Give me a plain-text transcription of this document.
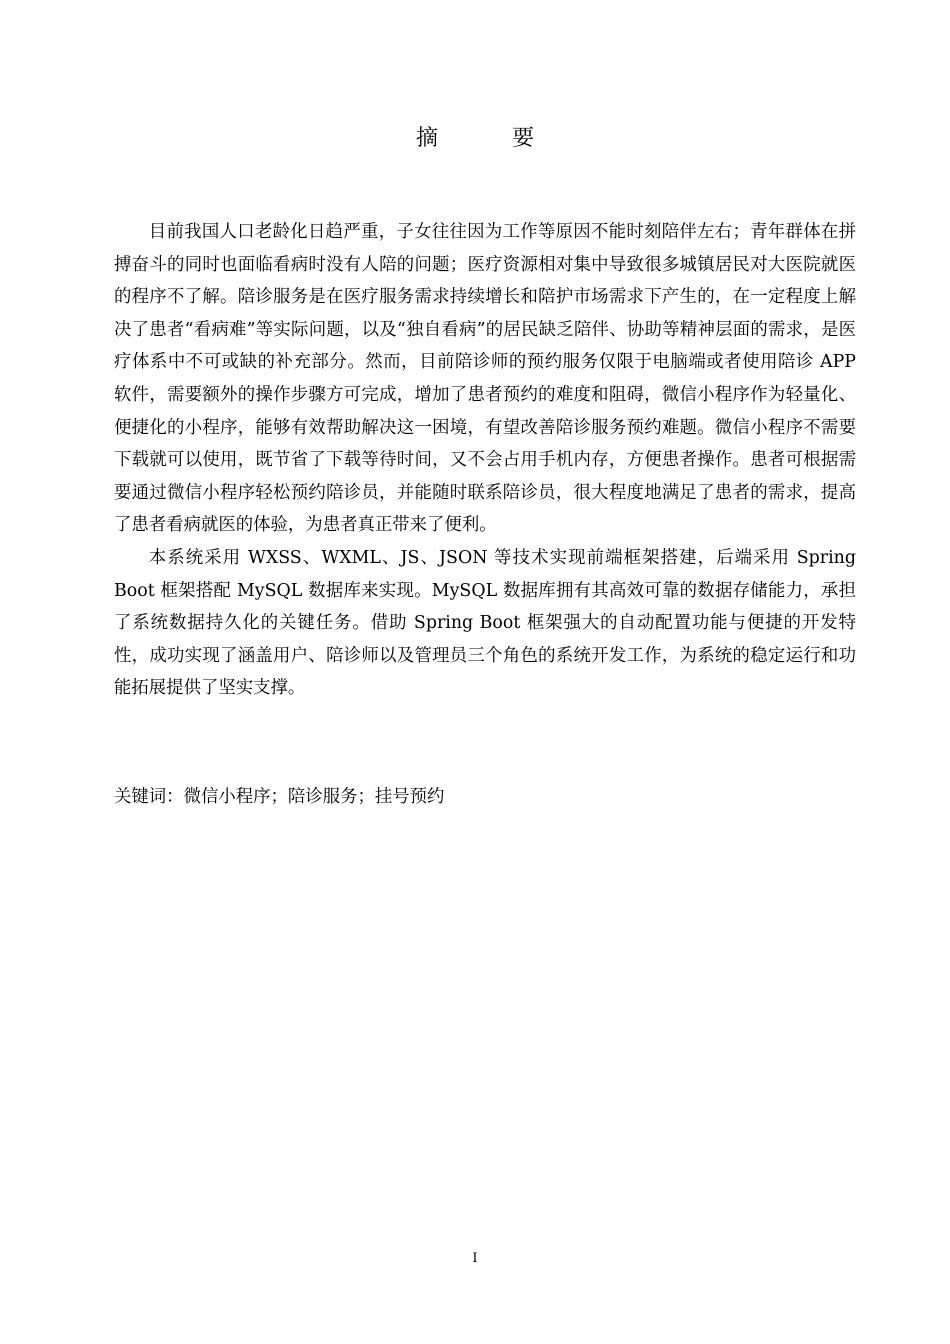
摘　要

目前我国人口老龄化日趋严重，子女往往因为工作等原因不能时刻陪伴左右；青年群体在拼搏奋斗的同时也面临看病时没有人陪的问题；医疗资源相对集中导致很多城镇居民对大医院就医的程序不了解。陪诊服务是在医疗服务需求持续增长和陪护市场需求下产生的，在一定程度上解决了患者“看病难”等实际问题，以及“独自看病”的居民缺乏陪伴、协助等精神层面的需求，是医疗体系中不可或缺的补充部分。然而，目前陪诊师的预约服务仅限于电脑端或者使用陪诊 APP 软件，需要额外的操作步骤方可完成，增加了患者预约的难度和阻碍，微信小程序作为轻量化、便捷化的小程序，能够有效帮助解决这一困境，有望改善陪诊服务预约难题。微信小程序不需要下载就可以使用，既节省了下载等待时间，又不会占用手机内存，方便患者操作。患者可根据需要通过微信小程序轻松预约陪诊员，并能随时联系陪诊员，很大程度地满足了患者的需求，提高了患者看病就医的体验，为患者真正带来了便利。

本系统采用 WXSS、WXML、JS、JSON 等技术实现前端框架搭建，后端采用 Spring Boot 框架搭配 MySQL 数据库来实现。MySQL 数据库拥有其高效可靠的数据存储能力，承担了系统数据持久化的关键任务。借助 Spring Boot 框架强大的自动配置功能与便捷的开发特性，成功实现了涵盖用户、陪诊师以及管理员三个角色的系统开发工作，为系统的稳定运行和功能拓展提供了坚实支撑。

关键词：微信小程序；陪诊服务；挂号预约
I
